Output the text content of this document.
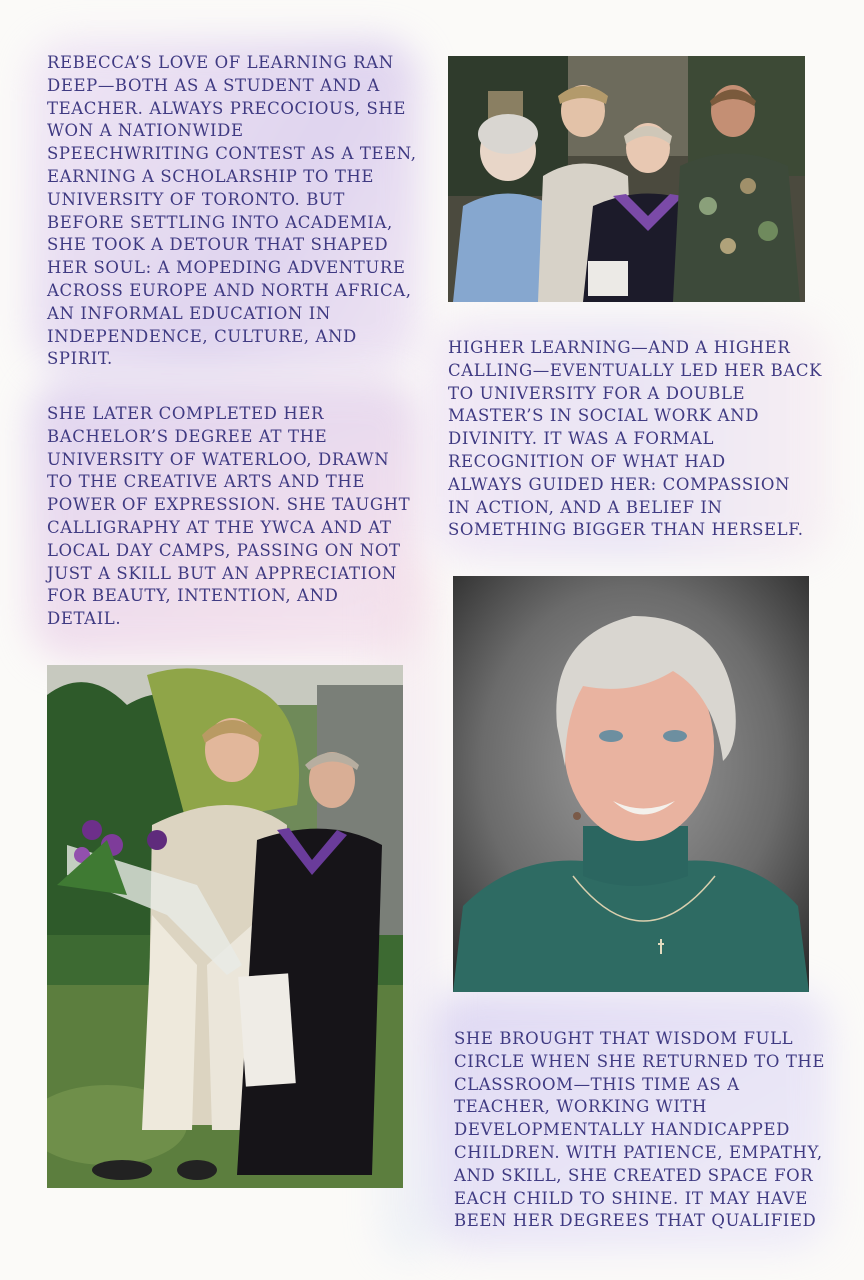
REBECCA’S LOVE OF LEARNING RAN
DEEP—BOTH AS A STUDENT AND A
TEACHER. ALWAYS PRECOCIOUS, SHE
WON A NATIONWIDE
SPEECHWRITING CONTEST AS A TEEN,
EARNING A SCHOLARSHIP TO THE
UNIVERSITY OF TORONTO. BUT
BEFORE SETTLING INTO ACADEMIA,
SHE TOOK A DETOUR THAT SHAPED
HER SOUL: A MOPEDING ADVENTURE
ACROSS EUROPE AND NORTH AFRICA,
AN INFORMAL EDUCATION IN
INDEPENDENCE, CULTURE, AND
SPIRIT.

SHE LATER COMPLETED HER
BACHELOR’S DEGREE AT THE
UNIVERSITY OF WATERLOO, DRAWN
TO THE CREATIVE ARTS AND THE
POWER OF EXPRESSION. SHE TAUGHT
CALLIGRAPHY AT THE YWCA AND AT
LOCAL DAY CAMPS, PASSING ON NOT
JUST A SKILL BUT AN APPRECIATION
FOR BEAUTY, INTENTION, AND
DETAIL.

HIGHER LEARNING—AND A HIGHER
CALLING—EVENTUALLY LED HER BACK
TO UNIVERSITY FOR A DOUBLE
MASTER’S IN SOCIAL WORK AND
DIVINITY. IT WAS A FORMAL
RECOGNITION OF WHAT HAD
ALWAYS GUIDED HER: COMPASSION
IN ACTION, AND A BELIEF IN
SOMETHING BIGGER THAN HERSELF.

SHE BROUGHT THAT WISDOM FULL
CIRCLE WHEN SHE RETURNED TO THE
CLASSROOM—THIS TIME AS A
TEACHER, WORKING WITH
DEVELOPMENTALLY HANDICAPPED
CHILDREN. WITH PATIENCE, EMPATHY,
AND SKILL, SHE CREATED SPACE FOR
EACH CHILD TO SHINE. IT MAY HAVE
BEEN HER DEGREES THAT QUALIFIED
